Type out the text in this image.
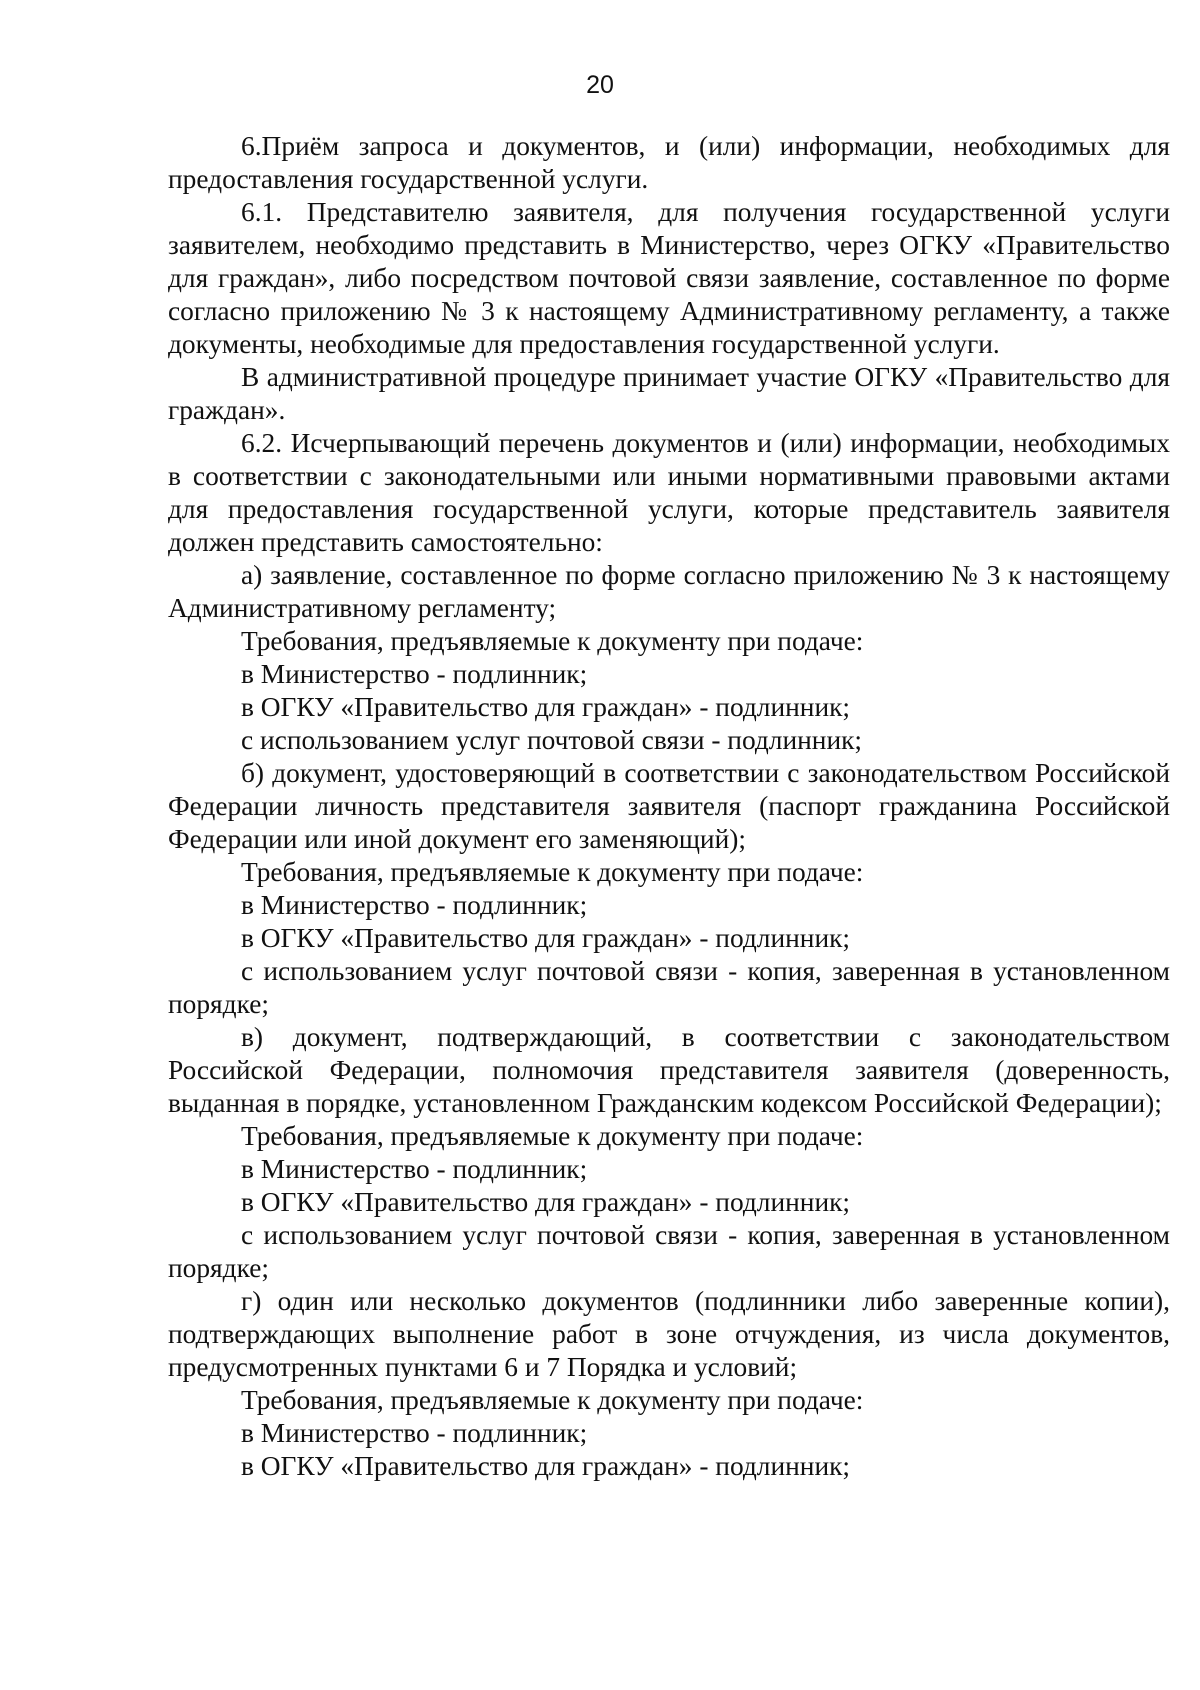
20

6.Приём запроса и документов, и (или) информации, необходимых для предоставления государственной услуги.

6.1. Представителю заявителя, для получения государственной услуги заявителем, необходимо представить в Министерство, через ОГКУ «Правительство для граждан», либо посредством почтовой связи заявление, составленное по форме согласно приложению № 3 к настоящему Административному регламенту, а также документы, необходимые для предоставления государственной услуги.

В административной процедуре принимает участие ОГКУ «Правительство для граждан».

6.2. Исчерпывающий перечень документов и (или) информации, необходимых в соответствии с законодательными или иными нормативными правовыми актами для предоставления государственной услуги, которые представитель заявителя должен представить самостоятельно:

а) заявление, составленное по форме согласно приложению № 3 к настоящему Административному регламенту;

Требования, предъявляемые к документу при подаче:

в Министерство - подлинник;

в ОГКУ «Правительство для граждан» - подлинник;

с использованием услуг почтовой связи - подлинник;

б) документ, удостоверяющий в соответствии с законодательством Российской Федерации личность представителя заявителя (паспорт гражданина Российской Федерации или иной документ его заменяющий);

Требования, предъявляемые к документу при подаче:

в Министерство - подлинник;

в ОГКУ «Правительство для граждан» - подлинник;

с использованием услуг почтовой связи - копия, заверенная в установленном порядке;

в) документ, подтверждающий, в соответствии с законодательством Российской Федерации, полномочия представителя заявителя (доверенность, выданная в порядке, установленном Гражданским кодексом Российской Федерации);

Требования, предъявляемые к документу при подаче:

в Министерство - подлинник;

в ОГКУ «Правительство для граждан» - подлинник;

с использованием услуг почтовой связи - копия, заверенная в установленном порядке;

г) один или несколько документов (подлинники либо заверенные копии), подтверждающих выполнение работ в зоне отчуждения, из числа документов, предусмотренных пунктами 6 и 7 Порядка и условий;

Требования, предъявляемые к документу при подаче:

в Министерство - подлинник;

в ОГКУ «Правительство для граждан» - подлинник;
